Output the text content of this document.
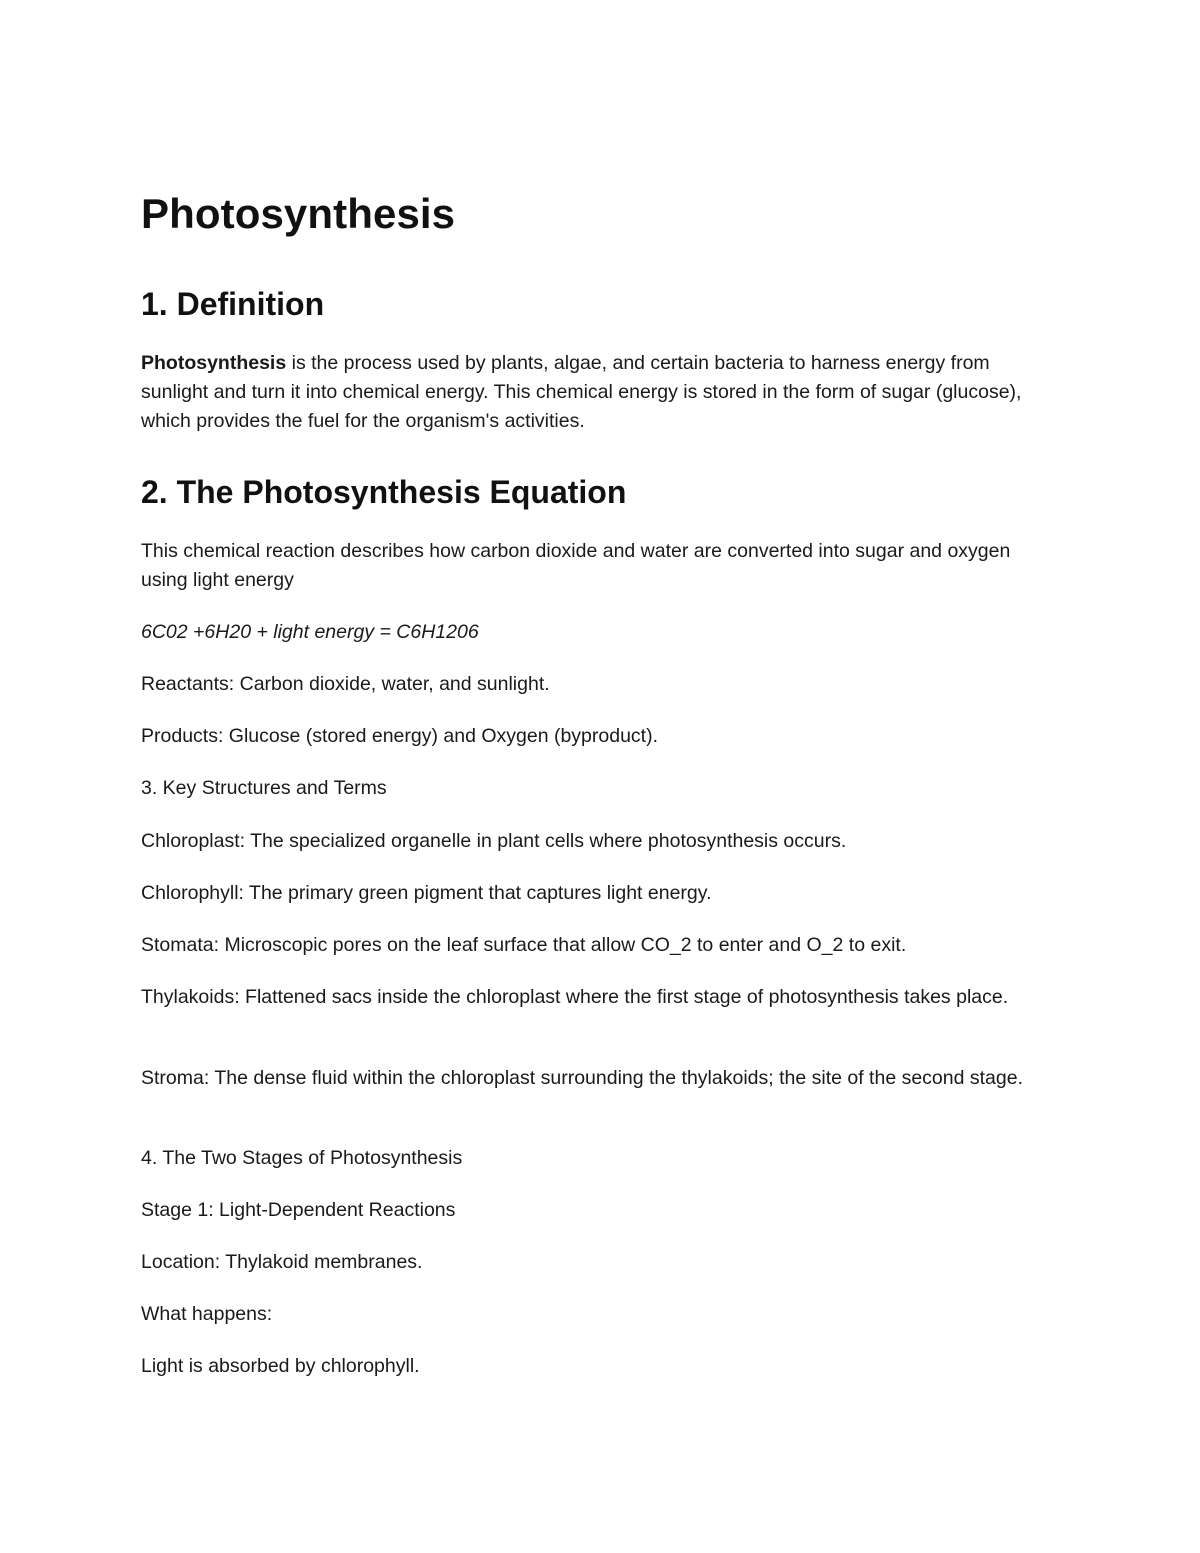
Photosynthesis
1. Definition

Photosynthesis is the process used by plants, algae, and certain bacteria to harness energy from sunlight and turn it into chemical energy. This chemical energy is stored in the form of sugar (glucose), which provides the fuel for the organism's activities.

2. The Photosynthesis Equation

This chemical reaction describes how carbon dioxide and water are converted into sugar and oxygen using light energy

6C02 +6H20 + light energy = C6H1206

Reactants: Carbon dioxide, water, and sunlight.

Products: Glucose (stored energy) and Oxygen (byproduct).

3. Key Structures and Terms

Chloroplast: The specialized organelle in plant cells where photosynthesis occurs.

Chlorophyll: The primary green pigment that captures light energy.

Stomata: Microscopic pores on the leaf surface that allow CO_2 to enter and O_2 to exit.

Thylakoids: Flattened sacs inside the chloroplast where the first stage of photosynthesis takes place.

Stroma: The dense fluid within the chloroplast surrounding the thylakoids; the site of the second stage.

4. The Two Stages of Photosynthesis

Stage 1: Light-Dependent Reactions

Location: Thylakoid membranes.

What happens:

Light is absorbed by chlorophyll.
